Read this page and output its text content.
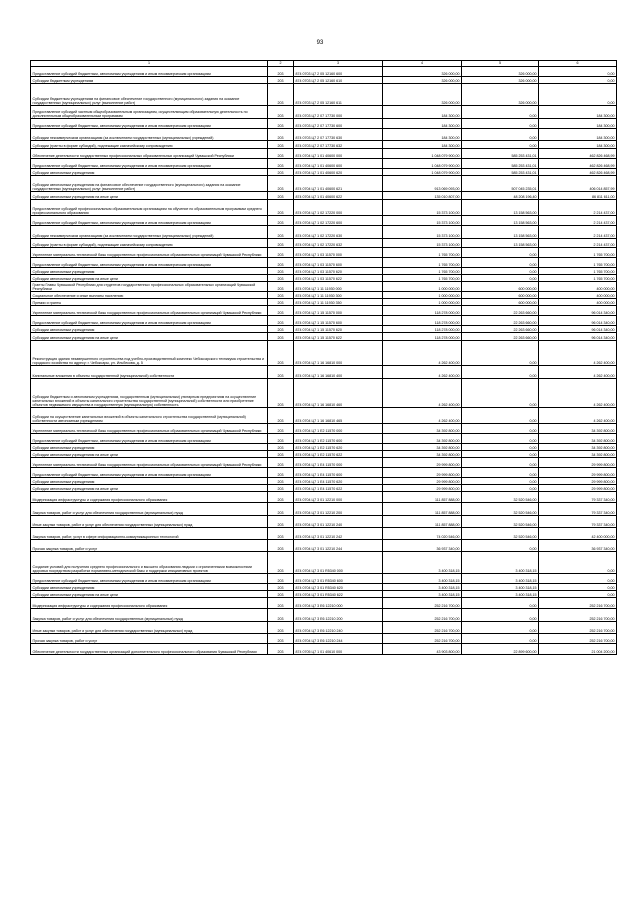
93
1	2	3	4	5	6
Предоставление субсидий бюджетным, автономным учреждениям и иным некоммерческим организациям	203	874 0703 Ц7 2 05 12160 600	326 000,00	326 000,00	0,00
Субсидии бюджетным учреждениям	203	874 0703 Ц7 2 05 12160 610	326 000,00	326 000,00	0,00
Субсидии бюджетным учреждениям на финансовое обеспечение государственного (муниципального) задания на оказание государственных (муниципальных) услуг (выполнение работ)	203	874 0703 Ц7 2 05 12160 611	326 000,00	326 000,00	0,00
Предоставление субсидий частным общеобразовательным организациям, осуществляющим образовательную деятельность по дополнительным общеобразовательным программам	203	874 0703 Ц7 2 07 17730 000	184 300,00	0,00	184 300,00
Предоставление субсидий бюджетным, автономным учреждениям и иным некоммерческим организациям	203	874 0703 Ц7 2 07 17730 600	184 300,00	0,00	184 300,00
Субсидии некоммерческим организациям (за исключением государственных (муниципальных) учреждений)	203	874 0703 Ц7 2 07 17730 630	184 300,00	0,00	184 300,00
Субсидии (гранты в форме субсидий), подлежащие казначейскому сопровождению	203	874 0703 Ц7 2 07 17730 632	184 300,00	0,00	184 300,00
Обеспечение деятельности государственных профессиональных образовательных организаций Чувашской Республики	203	874 0704 Ц7 1 01 40600 000	1 048 079 900,00	585 253 431,01	462 826 468,99
Предоставление субсидий бюджетным, автономным учреждениям и иным некоммерческим организациям	203	874 0704 Ц7 1 01 40600 600	1 048 079 900,00	585 253 431,01	462 826 468,99
Субсидии автономным учреждениям	203	874 0704 Ц7 1 01 40600 620	1 048 079 900,00	585 253 431,01	462 826 468,99
Субсидии автономным учреждениям на финансовое обеспечение государственного (муниципального) задания на оказание государственных (муниципальных) услуг (выполнение работ)	203	874 0704 Ц7 1 01 40600 621	913 069 093,00	507 045 235,01	406 014 857,99
Субсидии автономным учреждениям на иные цели	203	874 0704 Ц7 1 01 40600 622	135 010 807,00	48 208 196,40	86 811 611,00
Предоставление субсидий профессиональным образовательным организациям на обучение по образовательным программам среднего профессионального образования	203	874 0704 Ц7 1 02 17220 000	15 373 100,00	13 158 563,00	2 214 437,00
Предоставление субсидий бюджетным, автономным учреждениям и иным некоммерческим организациям	203	874 0704 Ц7 1 02 17220 600	15 373 100,00	13 158 563,00	2 214 437,00
Субсидии некоммерческим организациям (за исключением государственных (муниципальных) учреждений)	203	874 0704 Ц7 1 02 17220 630	15 373 100,00	13 158 563,00	2 214 437,00
Субсидии (гранты в форме субсидий), подлежащие казначейскому сопровождению	203	874 0704 Ц7 1 02 17220 632	15 373 100,00	13 158 563,00	2 214 437,00
Укрепление материально-технической базы государственных профессиональных образовательных организаций Чувашской Республики	203	874 0704 Ц7 1 03 11570 000	1 765 700,00	0,00	1 765 700,00
Предоставление субсидий бюджетным, автономным учреждениям и иным некоммерческим организациям	203	874 0704 Ц7 1 03 11570 600	1 765 700,00	0,00	1 765 700,00
Субсидии автономным учреждениям	203	874 0704 Ц7 1 03 11570 620	1 765 700,00	0,00	1 765 700,00
Субсидии автономным учреждениям на иные цели	203	874 0704 Ц7 1 03 11570 622	1 765 700,00	0,00	1 765 700,00
Гранты Главы Чувашской Республики для студентов государственных профессиональных образовательных организаций Чувашской Республики	203	874 0704 Ц7 1 11 11930 000	1 000 000,00	600 000,00	400 000,00
Социальное обеспечение и иные выплаты населению	203	874 0704 Ц7 1 11 11930 300	1 000 000,00	600 000,00	400 000,00
Премии и гранты	203	874 0704 Ц7 1 11 11930 350	1 000 000,00	600 000,00	400 000,00
Укрепление материально-технической базы государственных профессиональных образовательных организаций Чувашской Республики	203	874 0704 Ц7 1 15 11570 000	118 278 000,00	22 263 660,00	96 014 340,00
Предоставление субсидий бюджетным, автономным учреждениям и иным некоммерческим организациям	203	874 0704 Ц7 1 15 11570 600	118 278 000,00	22 263 660,00	96 014 340,00
Субсидии автономным учреждениям	203	874 0704 Ц7 1 15 11570 620	118 278 000,00	22 263 660,00	96 014 340,00
Субсидии автономным учреждениям на иные цели	203	874 0704 Ц7 1 15 11570 622	118 278 000,00	22 263 660,00	96 014 340,00
Реконструкция здания незавершенного строительства под учебно-производственный комплекс Чебоксарского техникума строительства и городского хозяйства по адресу: г. Чебоксары, ул. Ильбекова, д. 5	203	874 0704 Ц7 1 16 16810 000	4 262 400,00	0,00	4 262 400,00
Капитальные вложения в объекты государственной (муниципальной) собственности	203	874 0704 Ц7 1 16 16810 400	4 262 400,00	0,00	4 262 400,00
Субсидии бюджетным и автономным учреждениям, государственным (муниципальным) унитарным предприятиям на осуществление капитальных вложений в объекты капитального строительства государственной (муниципальной) собственности или приобретение объектов недвижимого имущества в государственную (муниципальную) собственность	203	874 0704 Ц7 1 16 16810 460	4 262 400,00	0,00	4 262 400,00
Субсидии на осуществление капитальных вложений в объекты капитального строительства государственной (муниципальной) собственности автономным учреждениям	203	874 0704 Ц7 1 16 16810 465	4 262 400,00	0,00	4 262 400,00
Укрепление материально-технической базы государственных профессиональных образовательных организаций Чувашской Республики	203	874 0704 Ц7 1 E2 11570 000	34 392 800,00	0,00	34 392 800,00
Предоставление субсидий бюджетным, автономным учреждениям и иным некоммерческим организациям	203	874 0704 Ц7 1 E2 11570 600	34 392 800,00	0,00	34 392 800,00
Субсидии автономным учреждениям	203	874 0704 Ц7 1 E2 11570 620	34 392 800,00	0,00	34 392 800,00
Субсидии автономным учреждениям на иные цели	203	874 0704 Ц7 1 E2 11570 622	34 392 800,00	0,00	34 392 800,00
Укрепление материально-технической базы государственных профессиональных образовательных организаций Чувашской Республики	203	874 0704 Ц7 1 E4 11570 000	29 999 800,00	0,00	29 999 800,00
Предоставление субсидий бюджетным, автономным учреждениям и иным некоммерческим организациям	203	874 0704 Ц7 1 E4 11570 600	29 999 800,00	0,00	29 999 800,00
Субсидии автономным учреждениям	203	874 0704 Ц7 1 E4 11570 620	29 999 800,00	0,00	29 999 800,00
Субсидии автономным учреждениям на иные цели	203	874 0704 Ц7 1 E4 11570 622	29 999 800,00	0,00	29 999 800,00
Модернизация инфраструктуры и содержания профессионального образования	203	874 0704 Ц7 3 01 12210 000	111 857 888,00	32 520 546,00	79 337 340,00
Закупка товаров, работ и услуг для обеспечения государственных (муниципальных) нужд	203	874 0704 Ц7 3 01 12210 200	111 857 888,00	32 520 546,00	79 337 340,00
Иные закупки товаров, работ и услуг для обеспечения государственных (муниципальных) нужд	203	874 0704 Ц7 3 01 12210 240	111 857 888,00	32 520 546,00	79 337 340,00
Закупка товаров, работ, услуг в сфере информационно-коммуникационных технологий	203	874 0704 Ц7 3 01 12210 242	74 020 546,00	32 520 546,00	42 400 000,00
Прочая закупка товаров, работ и услуг	203	874 0704 Ц7 3 01 12210 244	36 937 340,00	0,00	36 937 340,00
Создание условий для получения среднего профессионального и высшего образования людьми с ограниченными возможностями здоровья посредством разработки нормативно-методической базы и поддержки инициативных проектов	203	874 0704 Ц7 3 01 R5340 000	3 400 318,15	3 400 318,15	0,00
Предоставление субсидий бюджетным, автономным учреждениям и иным некоммерческим организациям	203	874 0704 Ц7 3 01 R5340 600	3 400 318,15	3 400 318,15	0,00
Субсидии автономным учреждениям	203	874 0704 Ц7 3 01 R5340 620	3 400 318,15	3 400 318,15	0,00
Субсидии автономным учреждениям на иные цели	203	874 0704 Ц7 3 01 R5340 622	3 400 318,15	3 400 318,15	0,00
Модернизация инфраструктуры и содержания профессионального образования	203	874 0704 Ц7 3 E6 12210 000	252 216 700,00	0,00	252 216 700,00
Закупка товаров, работ и услуг для обеспечения государственных (муниципальных) нужд	203	874 0704 Ц7 3 E6 12210 200	252 216 700,00	0,00	252 216 700,00
Иные закупки товаров, работ и услуг для обеспечения государственных (муниципальных) нужд	203	874 0704 Ц7 3 E6 12210 240	252 216 700,00	0,00	252 216 700,00
Прочая закупка товаров, работ и услуг	203	874 0704 Ц7 3 E6 12210 244	252 216 700,00	0,00	252 216 700,00
Обеспечение деятельности государственных организаций дополнительного профессионального образования Чувашской Республики	203	874 0705 Ц7 1 01 40610 000	43 903 800,00	22 899 600,00	21 004 200,00
